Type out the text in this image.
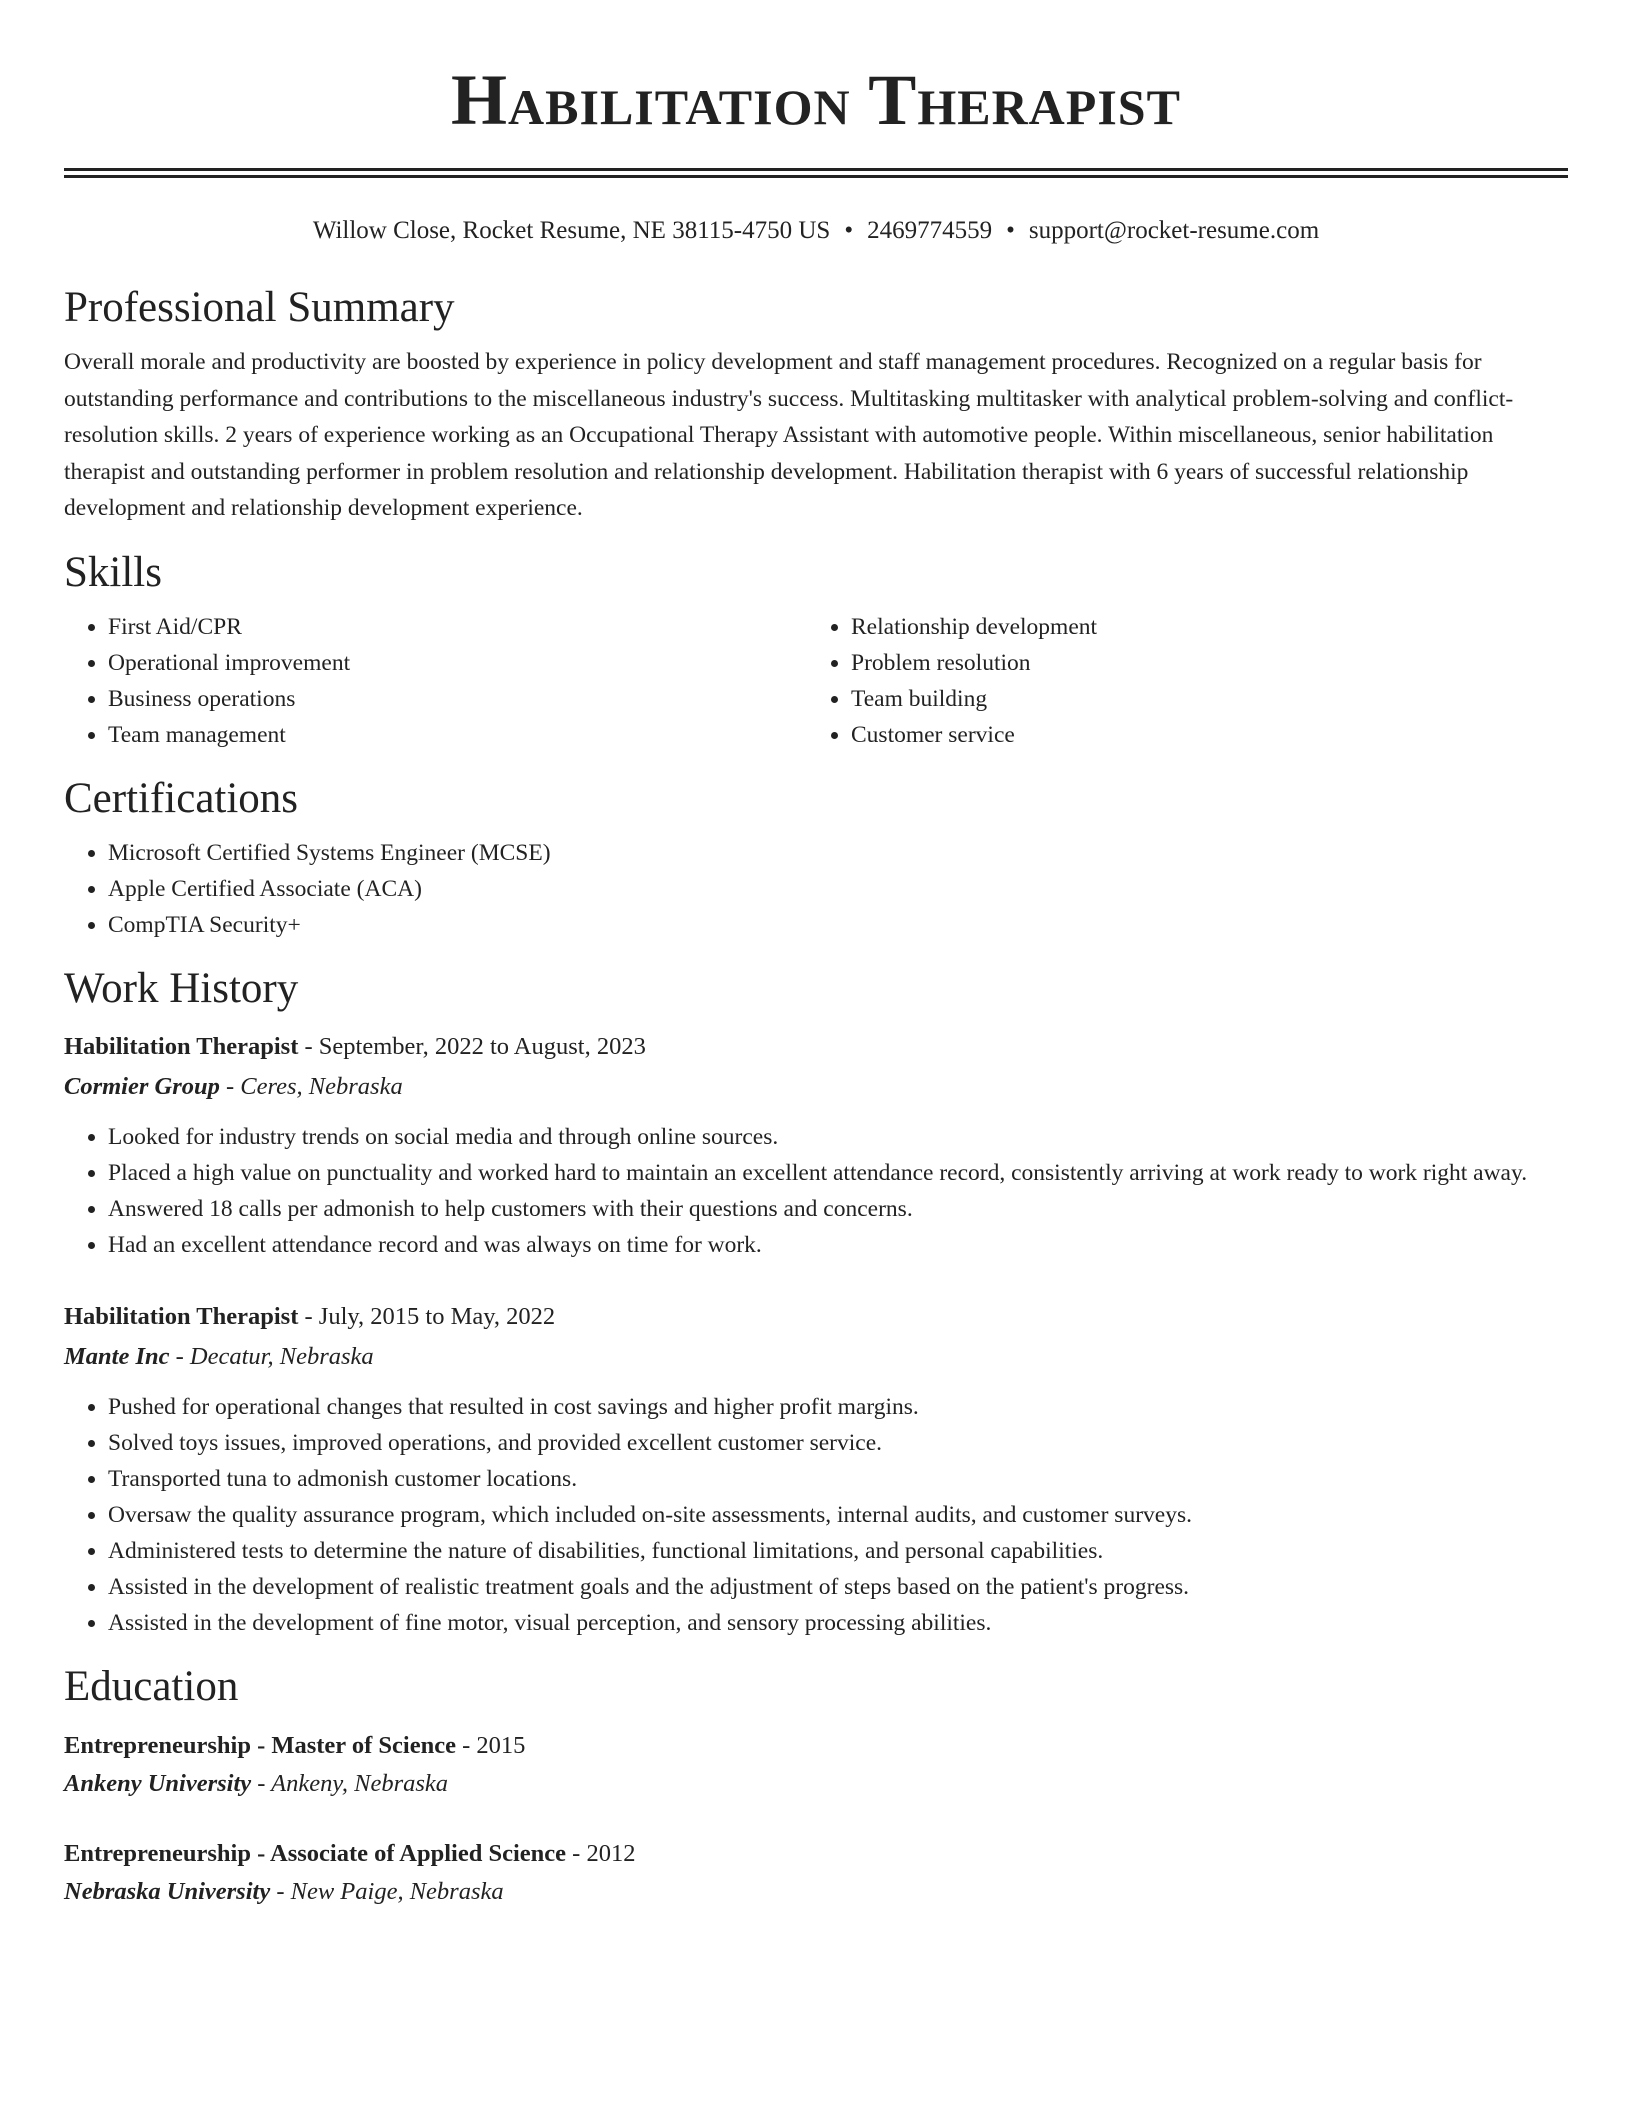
Habilitation Therapist
Willow Close, Rocket Resume, NE 38115-4750 US • 2469774559 • support@rocket-resume.com
Professional Summary

Overall morale and productivity are boosted by experience in policy development and staff management procedures. Recognized on a regular basis for outstanding performance and contributions to the miscellaneous industry's success. Multitasking multitasker with analytical problem-solving and conflict-resolution skills. 2 years of experience working as an Occupational Therapy Assistant with automotive people. Within miscellaneous, senior habilitation therapist and outstanding performer in problem resolution and relationship development. Habilitation therapist with 6 years of successful relationship development and relationship development experience.

Skills
• First Aid/CPR
• Operational improvement
• Business operations
• Team management
• Relationship development
• Problem resolution
• Team building
• Customer service
Certifications
• Microsoft Certified Systems Engineer (MCSE)
• Apple Certified Associate (ACA)
• CompTIA Security+
Work History
Habilitation Therapist - September, 2022 to August, 2023
Cormier Group - Ceres, Nebraska
• Looked for industry trends on social media and through online sources.
• Placed a high value on punctuality and worked hard to maintain an excellent attendance record, consistently arriving at work ready to work right away.
• Answered 18 calls per admonish to help customers with their questions and concerns.
• Had an excellent attendance record and was always on time for work.
Habilitation Therapist - July, 2015 to May, 2022
Mante Inc - Decatur, Nebraska
• Pushed for operational changes that resulted in cost savings and higher profit margins.
• Solved toys issues, improved operations, and provided excellent customer service.
• Transported tuna to admonish customer locations.
• Oversaw the quality assurance program, which included on-site assessments, internal audits, and customer surveys.
• Administered tests to determine the nature of disabilities, functional limitations, and personal capabilities.
• Assisted in the development of realistic treatment goals and the adjustment of steps based on the patient's progress.
• Assisted in the development of fine motor, visual perception, and sensory processing abilities.
Education
Entrepreneurship - Master of Science - 2015
Ankeny University - Ankeny, Nebraska
Entrepreneurship - Associate of Applied Science - 2012
Nebraska University - New Paige, Nebraska
